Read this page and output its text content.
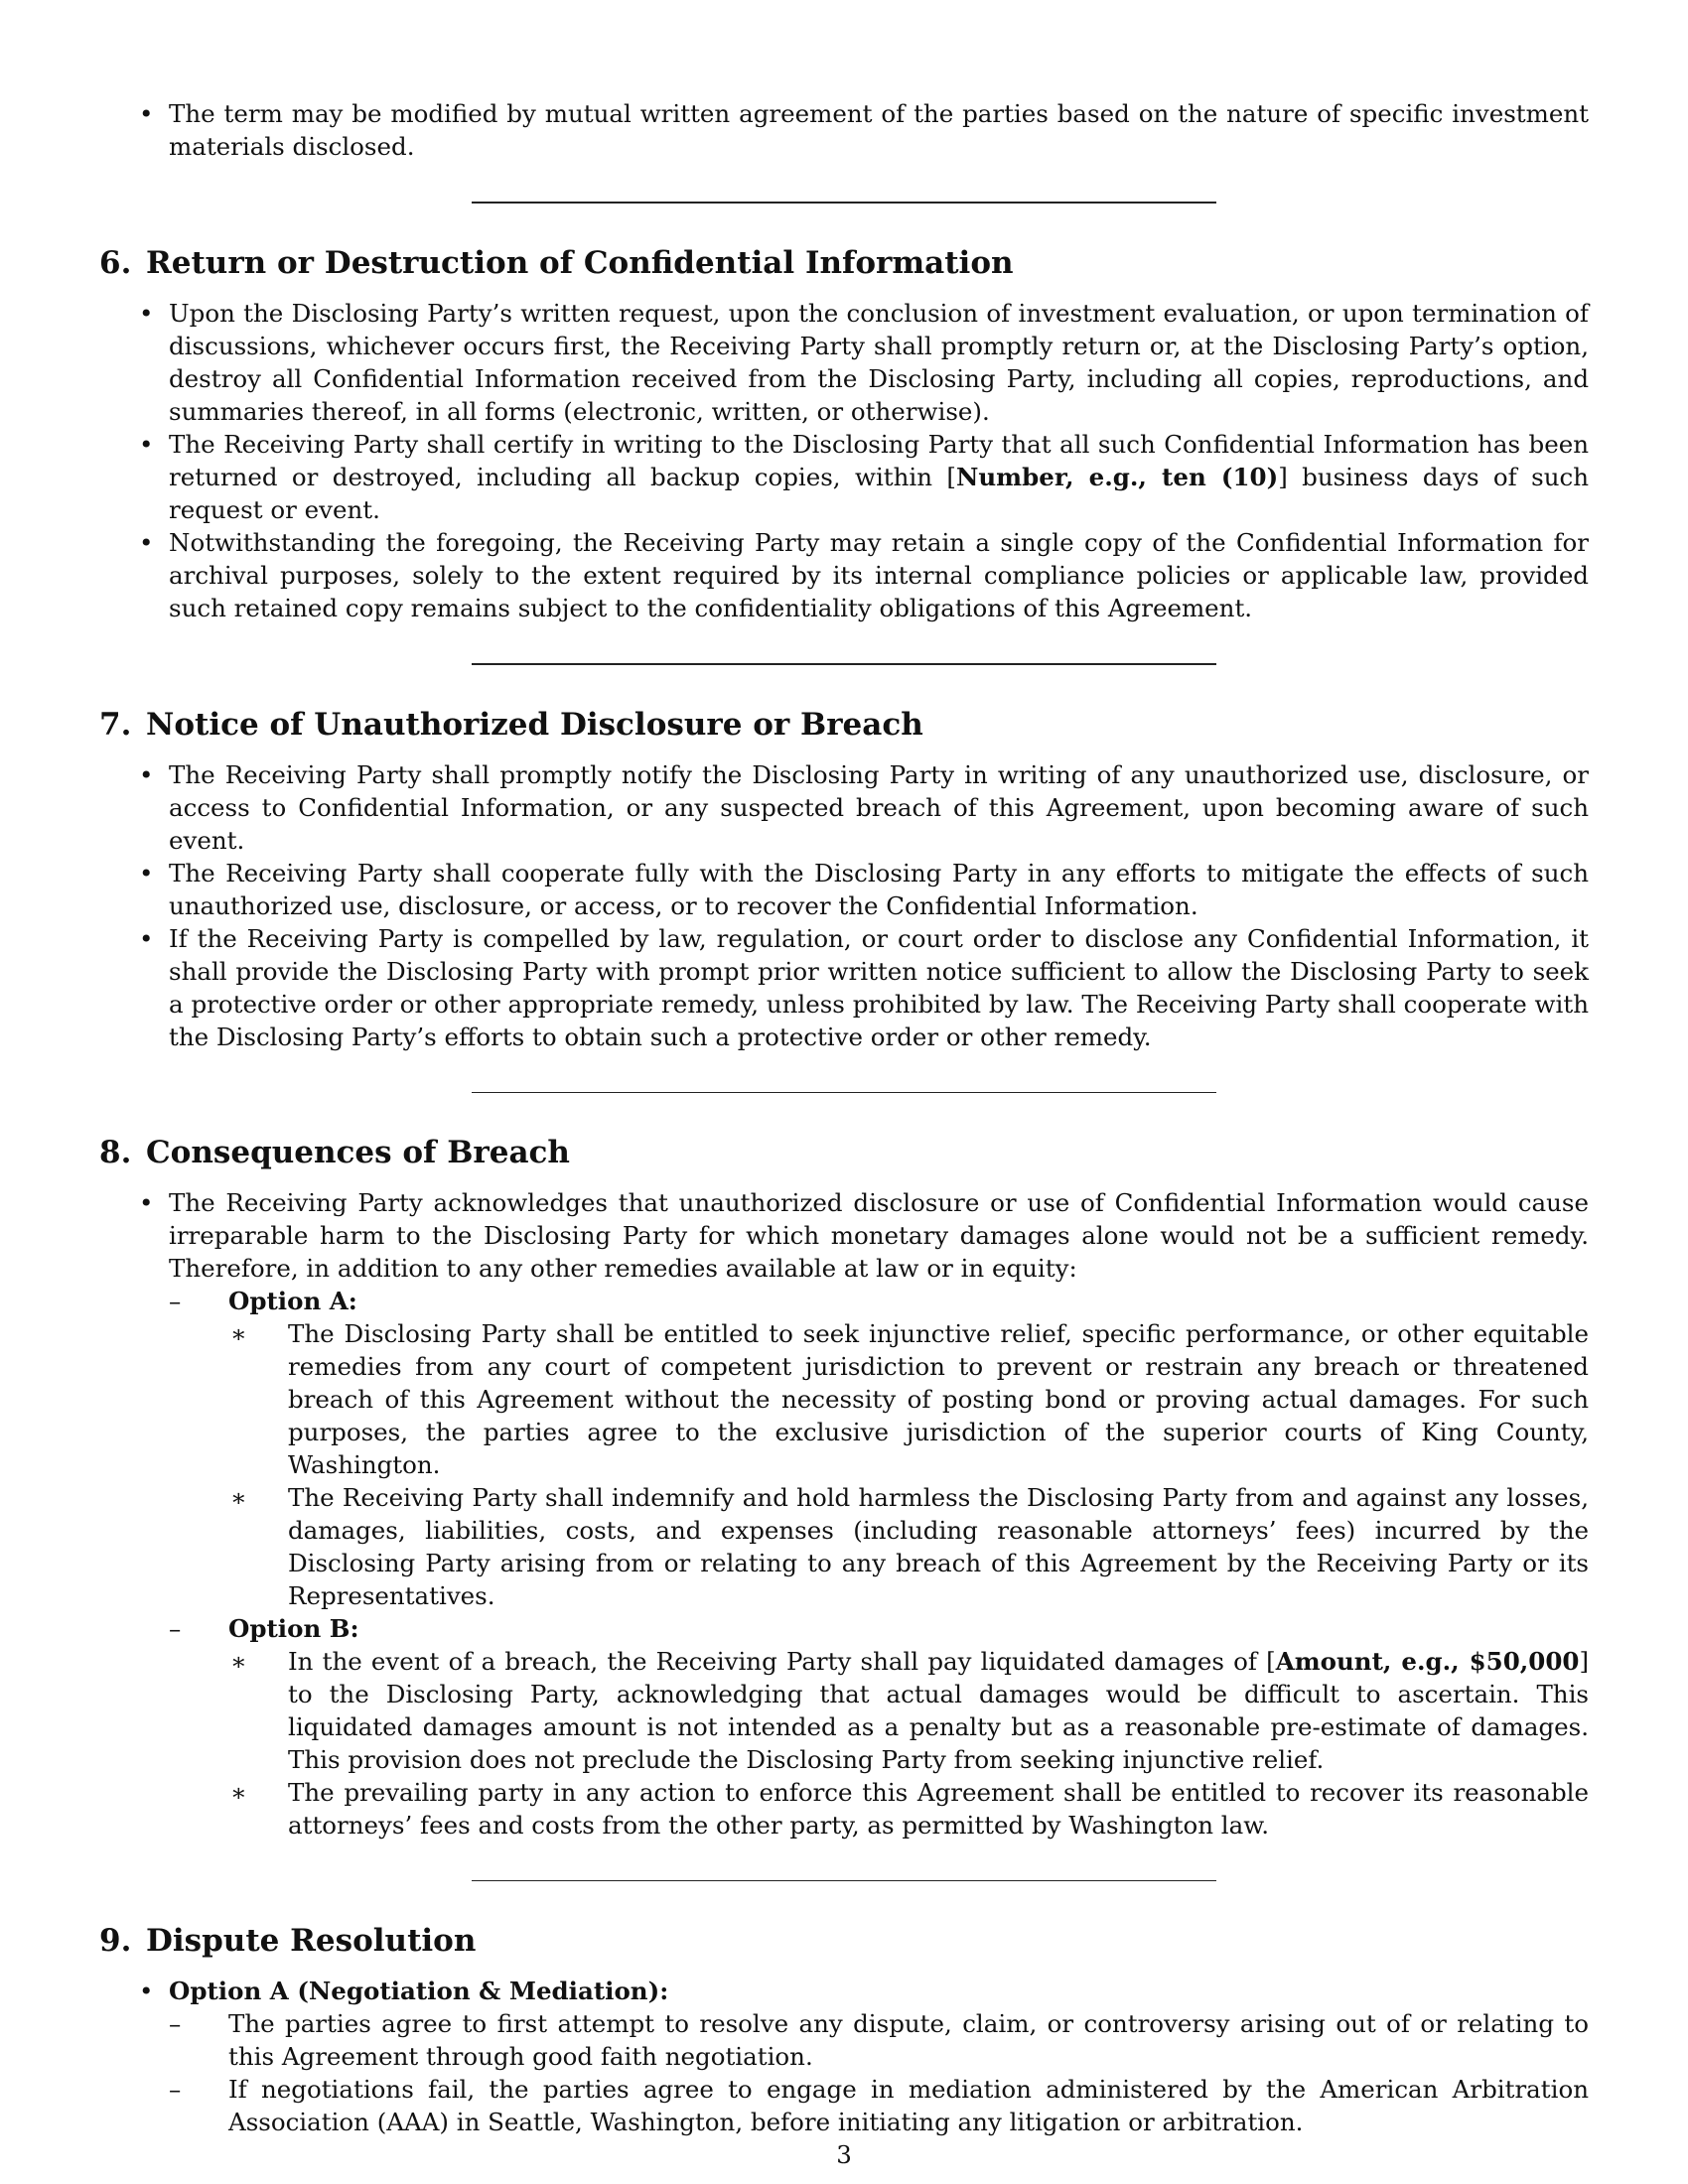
• The term may be modified by mutual written agreement of the parties based on the nature of specific investment materials disclosed.
6. Return or Destruction of Confidential Information
• Upon the Disclosing Party’s written request, upon the conclusion of investment evaluation, or upon termination of discussions, whichever occurs first, the Receiving Party shall promptly return or, at the Disclosing Party’s option, destroy all Confidential Information received from the Disclosing Party, including all copies, reproductions, and summaries thereof, in all forms (electronic, written, or otherwise).
• The Receiving Party shall certify in writing to the Disclosing Party that all such Confidential Information has been returned or destroyed, including all backup copies, within [Number, e.g., ten (10)] business days of such request or event.
• Notwithstanding the foregoing, the Receiving Party may retain a single copy of the Confidential Information for archival purposes, solely to the extent required by its internal compliance policies or applicable law, provided such retained copy remains subject to the confidentiality obligations of this Agreement.
7. Notice of Unauthorized Disclosure or Breach
• The Receiving Party shall promptly notify the Disclosing Party in writing of any unauthorized use, disclosure, or access to Confidential Information, or any suspected breach of this Agreement, upon becoming aware of such event.
• The Receiving Party shall cooperate fully with the Disclosing Party in any efforts to mitigate the effects of such unauthorized use, disclosure, or access, or to recover the Confidential Information.
• If the Receiving Party is compelled by law, regulation, or court order to disclose any Confidential Information, it shall provide the Disclosing Party with prompt prior written notice sufficient to allow the Disclosing Party to seek a protective order or other appropriate remedy, unless prohibited by law. The Receiving Party shall cooperate with the Disclosing Party’s efforts to obtain such a protective order or other remedy.
8. Consequences of Breach
• The Receiving Party acknowledges that unauthorized disclosure or use of Confidential Information would cause irreparable harm to the Disclosing Party for which monetary damages alone would not be a sufficient remedy. Therefore, in addition to any other remedies available at law or in equity:
– Option A:
∗ The Disclosing Party shall be entitled to seek injunctive relief, specific performance, or other equitable remedies from any court of competent jurisdiction to prevent or restrain any breach or threatened breach of this Agreement without the necessity of posting bond or proving actual damages. For such purposes, the parties agree to the exclusive jurisdiction of the superior courts of King County, Washington.
∗ The Receiving Party shall indemnify and hold harmless the Disclosing Party from and against any losses, damages, liabilities, costs, and expenses (including reasonable attorneys’ fees) incurred by the Disclosing Party arising from or relating to any breach of this Agreement by the Receiving Party or its Representatives.
– Option B:
∗ In the event of a breach, the Receiving Party shall pay liquidated damages of [Amount, e.g., $50,000] to the Disclosing Party, acknowledging that actual damages would be difficult to ascertain. This liquidated damages amount is not intended as a penalty but as a reasonable pre-estimate of damages. This provision does not preclude the Disclosing Party from seeking injunctive relief.
∗ The prevailing party in any action to enforce this Agreement shall be entitled to recover its reasonable attorneys’ fees and costs from the other party, as permitted by Washington law.
9. Dispute Resolution
• Option A (Negotiation & Mediation):
– The parties agree to first attempt to resolve any dispute, claim, or controversy arising out of or relating to this Agreement through good faith negotiation.
– If negotiations fail, the parties agree to engage in mediation administered by the American Arbitration Association (AAA) in Seattle, Washington, before initiating any litigation or arbitration.
3
